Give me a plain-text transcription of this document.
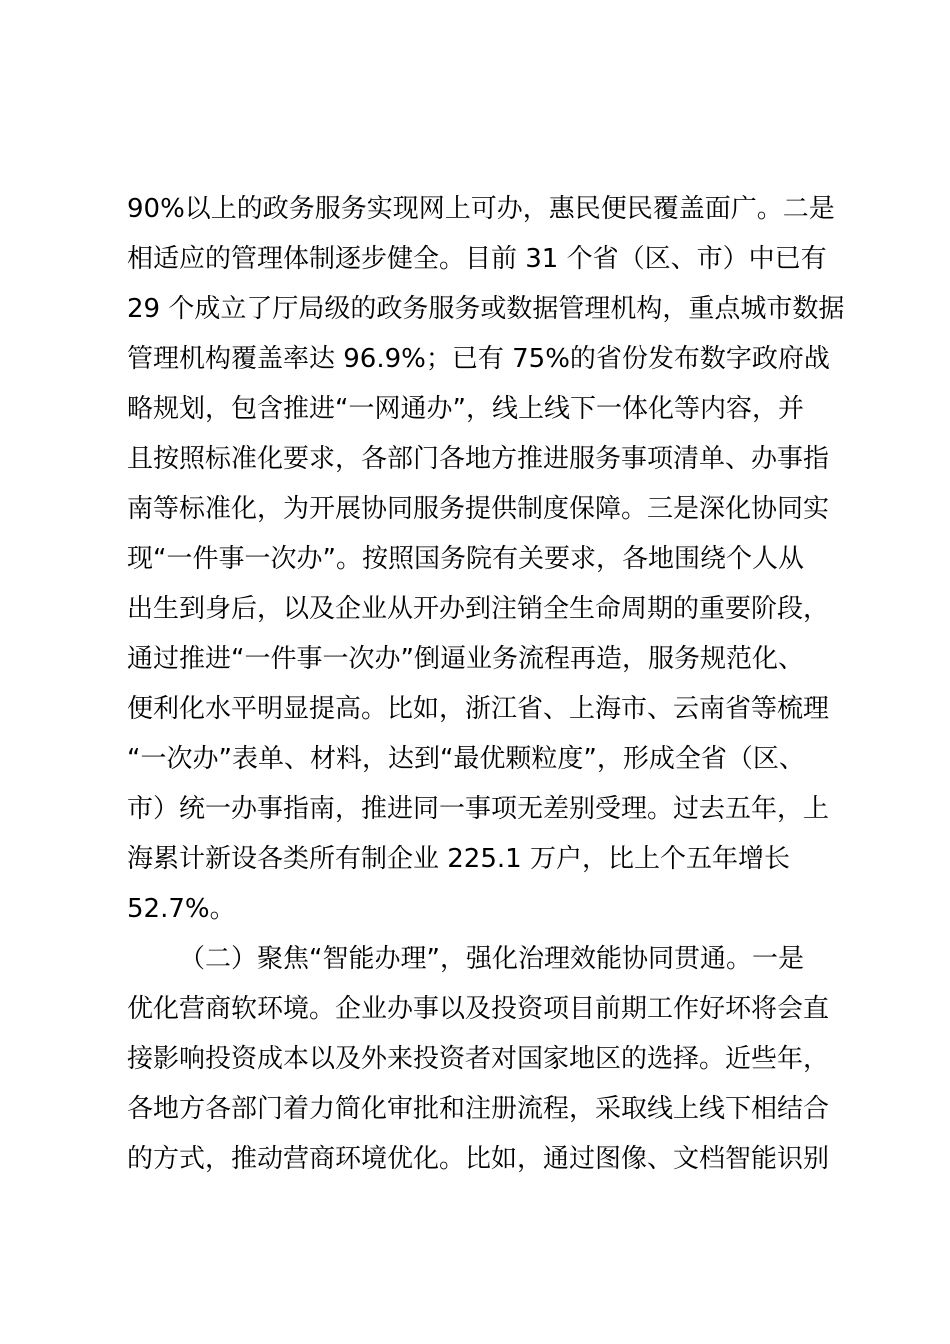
90%以上的政务服务实现网上可办，惠民便民覆盖面广。二是
相适应的管理体制逐步健全。目前 31 个省（区、市）中已有
29 个成立了厅局级的政务服务或数据管理机构，重点城市数据
管理机构覆盖率达 96.9%；已有 75%的省份发布数字政府战
略规划，包含推进“一网通办”，线上线下一体化等内容，并
且按照标准化要求，各部门各地方推进服务事项清单、办事指
南等标准化，为开展协同服务提供制度保障。三是深化协同实
现“一件事一次办”。按照国务院有关要求，各地围绕个人从
出生到身后，以及企业从开办到注销全生命周期的重要阶段，
通过推进“一件事一次办”倒逼业务流程再造，服务规范化、
便利化水平明显提高。比如，浙江省、上海市、云南省等梳理
“一次办”表单、材料，达到“最优颗粒度”，形成全省（区、
市）统一办事指南，推进同一事项无差别受理。过去五年，上
海累计新设各类所有制企业 225.1 万户，比上个五年增长
52.7%。
（二）聚焦“智能办理”，强化治理效能协同贯通。一是
优化营商软环境。企业办事以及投资项目前期工作好坏将会直
接影响投资成本以及外来投资者对国家地区的选择。近些年，
各地方各部门着力简化审批和注册流程，采取线上线下相结合
的方式，推动营商环境优化。比如，通过图像、文档智能识别
